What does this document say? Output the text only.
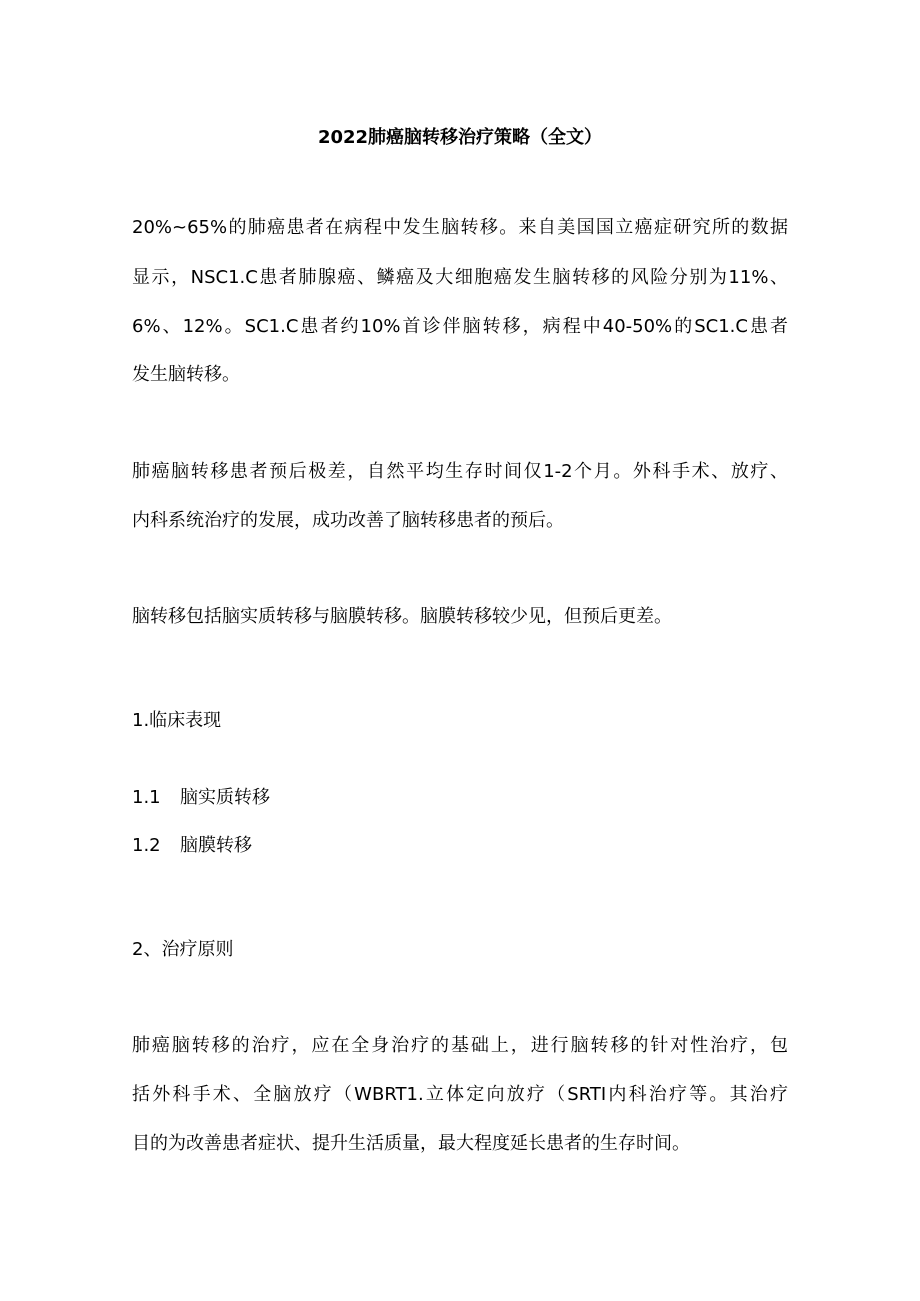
2022肺癌脑转移治疗策略（全文）
20%~65%的肺癌患者在病程中发生脑转移。来自美国国立癌症研究所的数据
显示，NSC1.C患者肺腺癌、鳞癌及大细胞癌发生脑转移的风险分别为11%、
6%、12%。SC1.C患者约10%首诊伴脑转移，病程中40-50%的SC1.C患者
发生脑转移。
肺癌脑转移患者预后极差，自然平均生存时间仅1-2个月。外科手术、放疗、
内科系统治疗的发展，成功改善了脑转移患者的预后。
脑转移包括脑实质转移与脑膜转移。脑膜转移较少见，但预后更差。
1.临床表现
1.1 脑实质转移
1.2 脑膜转移
2、治疗原则
肺癌脑转移的治疗，应在全身治疗的基础上，进行脑转移的针对性治疗，包
括外科手术、全脑放疗（WBRT1.立体定向放疗（SRTI内科治疗等。其治疗
目的为改善患者症状、提升生活质量，最大程度延长患者的生存时间。
